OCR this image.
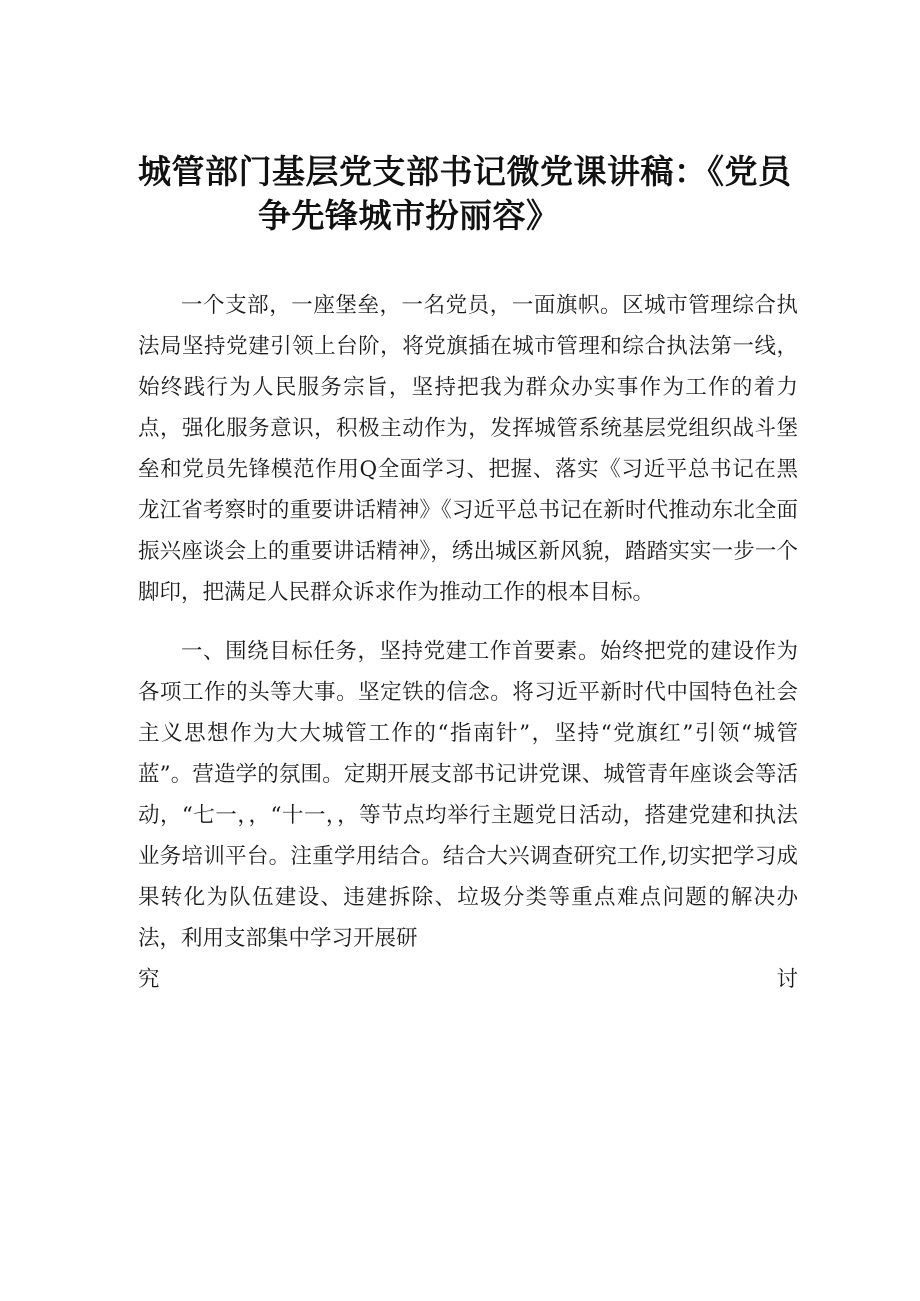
城管部门基层党支部书记微党课讲稿：《党员
争先锋城市扮丽容》

一个支部，一座堡垒，一名党员，一面旗帜。区城市管理综合执法局坚持党建引领上台阶，将党旗插在城市管理和综合执法第一线，始终践行为人民服务宗旨，坚持把我为群众办实事作为工作的着力点，强化服务意识，积极主动作为，发挥城管系统基层党组织战斗堡垒和党员先锋模范作用Q全面学习、把握、落实《习近平总书记在黑龙江省考察时的重要讲话精神》《习近平总书记在新时代推动东北全面振兴座谈会上的重要讲话精神》，绣出城区新风貌，踏踏实实一步一个脚印，把满足人民群众诉求作为推动工作的根本目标。

一、围绕目标任务，坚持党建工作首要素。始终把党的建设作为各项工作的头等大事。坚定铁的信念。将习近平新时代中国特色社会主义思想作为大大城管工作的“指南针”，坚持“党旗红”引领“城管蓝”。营造学的氛围。定期开展支部书记讲党课、城管青年座谈会等活动，“七一，，“十一，，等节点均举行主题党日活动，搭建党建和执法业务培训平台。注重学用结合。结合大兴调查研究工作,切实把学习成果转化为队伍建设、违建拆除、垃圾分类等重点难点问题的解决办法，利用支部集中学习开展研

究	讨
